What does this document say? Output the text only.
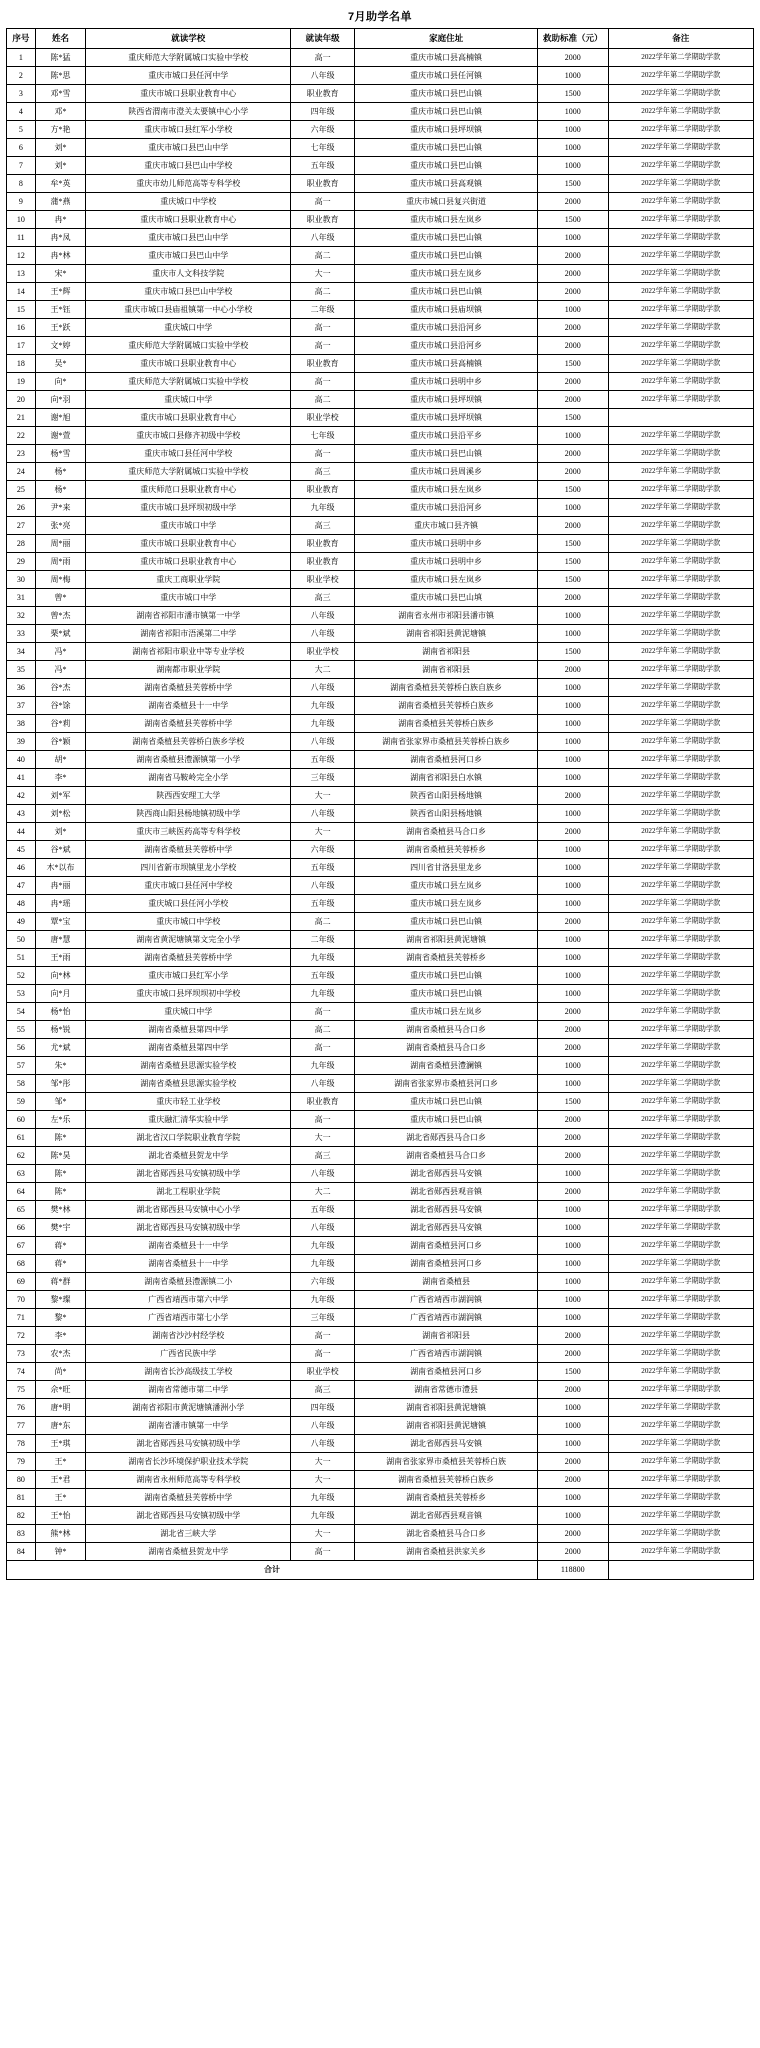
7月助学名单
序号	姓名	就读学校	就读年级	家庭住址	救助标准（元）	备注
1	陈*猛	重庆师范大学附属城口实验中学校	高一	重庆市城口县高楠镇	2000	2022学年第二学期助学款
2	陈*思	重庆市城口县任河中学	八年级	重庆市城口县任河镇	1000	2022学年第二学期助学款
3	邓*雪	重庆市城口县职业教育中心	职业教育	重庆市城口县巴山镇	1500	2022学年第二学期助学款
4	邓*	陕西省渭南市澄关太要镇中心小学	四年级	重庆市城口县巴山镇	1000	2022学年第二学期助学款
5	方*艳	重庆市城口县红军小学校	六年级	重庆市城口县坪坝镇	1000	2022学年第二学期助学款
6	刘*	重庆市城口县巴山中学	七年级	重庆市城口县巴山镇	1000	2022学年第二学期助学款
7	刘*	重庆市城口县巴山中学校	五年级	重庆市城口县巴山镇	1000	2022学年第二学期助学款
8	牟*英	重庆市幼儿师范高等专科学校	职业教育	重庆市城口县高观镇	1500	2022学年第二学期助学款
9	蒲*燕	重庆城口中学校	高一	重庆市城口县复兴街道	2000	2022学年第二学期助学款
10	冉*	重庆市城口县职业教育中心	职业教育	重庆市城口县左岚乡	1500	2022学年第二学期助学款
11	冉*凤	重庆市城口县巴山中学	八年级	重庆市城口县巴山镇	1000	2022学年第二学期助学款
12	冉*林	重庆市城口县巴山中学	高二	重庆市城口县巴山镇	2000	2022学年第二学期助学款
13	宋*	重庆市人文科技学院	大一	重庆市城口县左岚乡	2000	2022学年第二学期助学款
14	王*辉	重庆市城口县巴山中学校	高二	重庆市城口县巴山镇	2000	2022学年第二学期助学款
15	王*钰	重庆市城口县庙祖镇第一中心小学校	二年级	重庆市城口县庙坝镇	1000	2022学年第二学期助学款
16	王*跃	重庆城口中学	高一	重庆市城口县沿河乡	2000	2022学年第二学期助学款
17	文*婷	重庆师范大学附属城口实验中学校	高一	重庆市城口县沿河乡	2000	2022学年第二学期助学款
18	吴*	重庆市城口县职业教育中心	职业教育	重庆市城口县高楠镇	1500	2022学年第二学期助学款
19	向*	重庆师范大学附属城口实验中学校	高一	重庆市城口县明中乡	2000	2022学年第二学期助学款
20	向*羽	重庆城口中学	高二	重庆市城口县坪坝镇	2000	2022学年第二学期助学款
21	谢*旭	重庆市城口县职业教育中心	职业学校	重庆市城口县坪坝镇	1500	
22	谢*萱	重庆市城口县修齐初级中学校	七年级	重庆市城口县沿平乡	1000	2022学年第二学期助学款
23	杨*雪	重庆市城口县任河中学校	高一	重庆市城口县巴山镇	2000	2022学年第二学期助学款
24	杨*	重庆师范大学附属城口实验中学校	高三	重庆市城口县周溪乡	2000	2022学年第二学期助学款
25	杨*	重庆师范口县职业教育中心	职业教育	重庆市城口县左岚乡	1500	2022学年第二学期助学款
26	尹*来	重庆市城口县坪坝初级中学	九年级	重庆市城口县沿河乡	1000	2022学年第二学期助学款
27	张*亮	重庆市城口中学	高三	重庆市城口县齐镇	2000	2022学年第二学期助学款
28	周*丽	重庆市城口县职业教育中心	职业教育	重庆市城口县明中乡	1500	2022学年第二学期助学款
29	周*雨	重庆市城口县职业教育中心	职业教育	重庆市城口县明中乡	1500	2022学年第二学期助学款
30	周*梅	重庆工商职业学院	职业学校	重庆市城口县左岚乡	1500	2022学年第二学期助学款
31	曾*	重庆市城口中学	高三	重庆市城口县巴山填	2000	2022学年第二学期助学款
32	曾*杰	湖南省祁阳市潘市镇第一中学	八年级	湖南省永州市祁阳县潘市镇	1000	2022学年第二学期助学款
33	栗*斌	湖南省祁阳市浯溪第二中学	八年级	湖南省祁阳县黄泥塘镇	1000	2022学年第二学期助学款
34	冯*	湖南省祁阳市职业中等专业学校	职业学校	湖南省祁阳县	1500	2022学年第二学期助学款
35	冯*	湖南都市职业学院	大二	湖南省祁阳县	2000	2022学年第二学期助学款
36	谷*杰	湖南省桑植县芙蓉桥中学	八年级	湖南省桑植县芙蓉桥白族自族乡	1000	2022学年第二学期助学款
37	谷*馀	湖南省桑植县十一中学	九年级	湖南省桑植县芙蓉桥白族乡	1000	2022学年第二学期助学款
38	谷*莉	湖南省桑植县芙蓉桥中学	九年级	湖南省桑植县芙蓉桥白族乡	1000	2022学年第二学期助学款
39	谷*颖	湖南省桑植县芙蓉桥白族乡学校	八年级	湖南省张家界市桑植县芙蓉桥白族乡	1000	2022学年第二学期助学款
40	胡*	湖南省桑植县澧源镇第一小学	五年级	湖南省桑植县河口乡	1000	2022学年第二学期助学款
41	李*	湖南省马鞍岭完全小学	三年级	湖南省祁阳县白水镇	1000	2022学年第二学期助学款
42	刘*军	陕西西安理工大学	大一	陕西省山阳县杨地镇	2000	2022学年第二学期助学款
43	刘*松	陕西商山阳县杨地镇初级中学	八年级	陕西省山阳县杨地镇	1000	2022学年第二学期助学款
44	刘*	重庆市三峡医药高等专科学校	大一	湖南省桑植县马合口乡	2000	2022学年第二学期助学款
45	谷*斌	湖南省桑植县芙蓉桥中学	六年级	湖南省桑植县芙蓉桥乡	1000	2022学年第二学期助学款
46	木*以布	四川省新市坝镇里龙小学校	五年级	四川省甘洛县里龙乡	1000	2022学年第二学期助学款
47	冉*丽	重庆市城口县任河中学校	八年级	重庆市城口县左岚乡	1000	2022学年第二学期助学款
48	冉*瑶	重庆城口县任河小学校	五年级	重庆市城口县左岚乡	1000	2022学年第二学期助学款
49	覃*宝	重庆市城口中学校	高二	重庆市城口县巴山镇	2000	2022学年第二学期助学款
50	唐*慧	湖南省黄泥塘镇第文完全小学	二年级	湖南省祁阳县黄泥塘镇	1000	2022学年第二学期助学款
51	王*雨	湖南省桑植县芙蓉桥中学	九年级	湖南省桑植县芙蓉桥乡	1000	2022学年第二学期助学款
52	向*林	重庆市城口县红军小学	五年级	重庆市城口县巴山镇	1000	2022学年第二学期助学款
53	向*月	重庆市城口县坪坝坝初中学校	九年级	重庆市城口县巴山镇	1000	2022学年第二学期助学款
54	杨*怡	重庆城口中学	高一	重庆市城口县左岚乡	2000	2022学年第二学期助学款
55	杨*锐	湖南省桑植县第四中学	高二	湖南省桑植县马合口乡	2000	2022学年第二学期助学款
56	尤*斌	湖南省桑植县第四中学	高一	湖南省桑植县马合口乡	2000	2022学年第二学期助学款
57	朱*	湖南省桑植县思源实验学校	九年级	湖南省桑植县澧澜镇	1000	2022学年第二学期助学款
58	邹*彤	湖南省桑植县思源实验学校	八年级	湖南省张家界市桑植县河口乡	1000	2022学年第二学期助学款
59	邹*	重庆市轻工业学校	职业教育	重庆市城口县巴山镇	1500	2022学年第二学期助学款
60	左*乐	重庆融汇清华实验中学	高一	重庆市城口县巴山镇	2000	2022学年第二学期助学款
61	陈*	湖北省汉口学院职业教育学院	大一	湖北省郧西县马合口乡	2000	2022学年第二学期助学款
62	陈*昊	湖北省桑植县贺龙中学	高三	湖南省桑植县马合口乡	2000	2022学年第二学期助学款
63	陈*	湖北省郧西县马安镇初级中学	八年级	湖北省郧西县马安镇	1000	2022学年第二学期助学款
64	陈*	湖北工程职业学院	大二	湖北省郧西县观音镇	2000	2022学年第二学期助学款
65	樊*林	湖北省郧西县马安镇中心小学	五年级	湖北省郧西县马安镇	1000	2022学年第二学期助学款
66	樊*宇	湖北省郧西县马安镇初级中学	八年级	湖北省郧西县马安镇	1000	2022学年第二学期助学款
67	蒋*	湖南省桑植县十一中学	九年级	湖南省桑植县河口乡	1000	2022学年第二学期助学款
68	蒋*	湖南省桑植县十一中学	九年级	湖南省桑植县河口乡	1000	2022学年第二学期助学款
69	蒋*群	湖南省桑植县澧源镇二小	六年级	湖南省桑植县	1000	2022学年第二学期助学款
70	黎*璨	广西省靖西市第六中学	九年级	广西省靖西市湖润镇	1000	2022学年第二学期助学款
71	黎*	广西省靖西市第七小学	三年级	广西省靖西市湖润镇	1000	2022学年第二学期助学款
72	李*	湖南省沙沙村经学校	高一	湖南省祁阳县	2000	2022学年第二学期助学款
73	农*杰	广西省民族中学	高一	广西省靖西市湖润镇	2000	2022学年第二学期助学款
74	尚*	湖南省长沙高级技工学校	职业学校	湖南省桑植县河口乡	1500	2022学年第二学期助学款
75	佘*旺	湖南省常德市第二中学	高三	湖南省常德市澧县	2000	2022学年第二学期助学款
76	唐*明	湖南省祁阳市黄泥塘镇潘洲小学	四年级	湖南省祁阳县黄泥塘镇	1000	2022学年第二学期助学款
77	唐*东	湖南省潘市镇第一中学	八年级	湖南省祁阳县黄泥塘镇	1000	2022学年第二学期助学款
78	王*琪	湖北省郧西县马安镇初级中学	八年级	湖北省郧西县马安镇	1000	2022学年第二学期助学款
79	王*	湖南省长沙环境保护职业技术学院	大一	湖南省张家界市桑植县芙蓉桥白族	2000	2022学年第二学期助学款
80	王*君	湖南省永州师范高等专科学校	大一	湖南省桑植县芙蓉桥白族乡	2000	2022学年第二学期助学款
81	王*	湖南省桑植县芙蓉桥中学	九年级	湖南省桑植县芙蓉桥乡	1000	2022学年第二学期助学款
82	王*怡	湖北省郧西县马安镇初级中学	九年级	湖北省郧西县观音镇	1000	2022学年第二学期助学款
83	熊*林	湖北省三峡大学	大一	湖北省桑植县马合口乡	2000	2022学年第二学期助学款
84	钟*	湖南省桑植县贺龙中学	高一	湖南省桑植县洪家关乡	2000	2022学年第二学期助学款
合计					118800	
